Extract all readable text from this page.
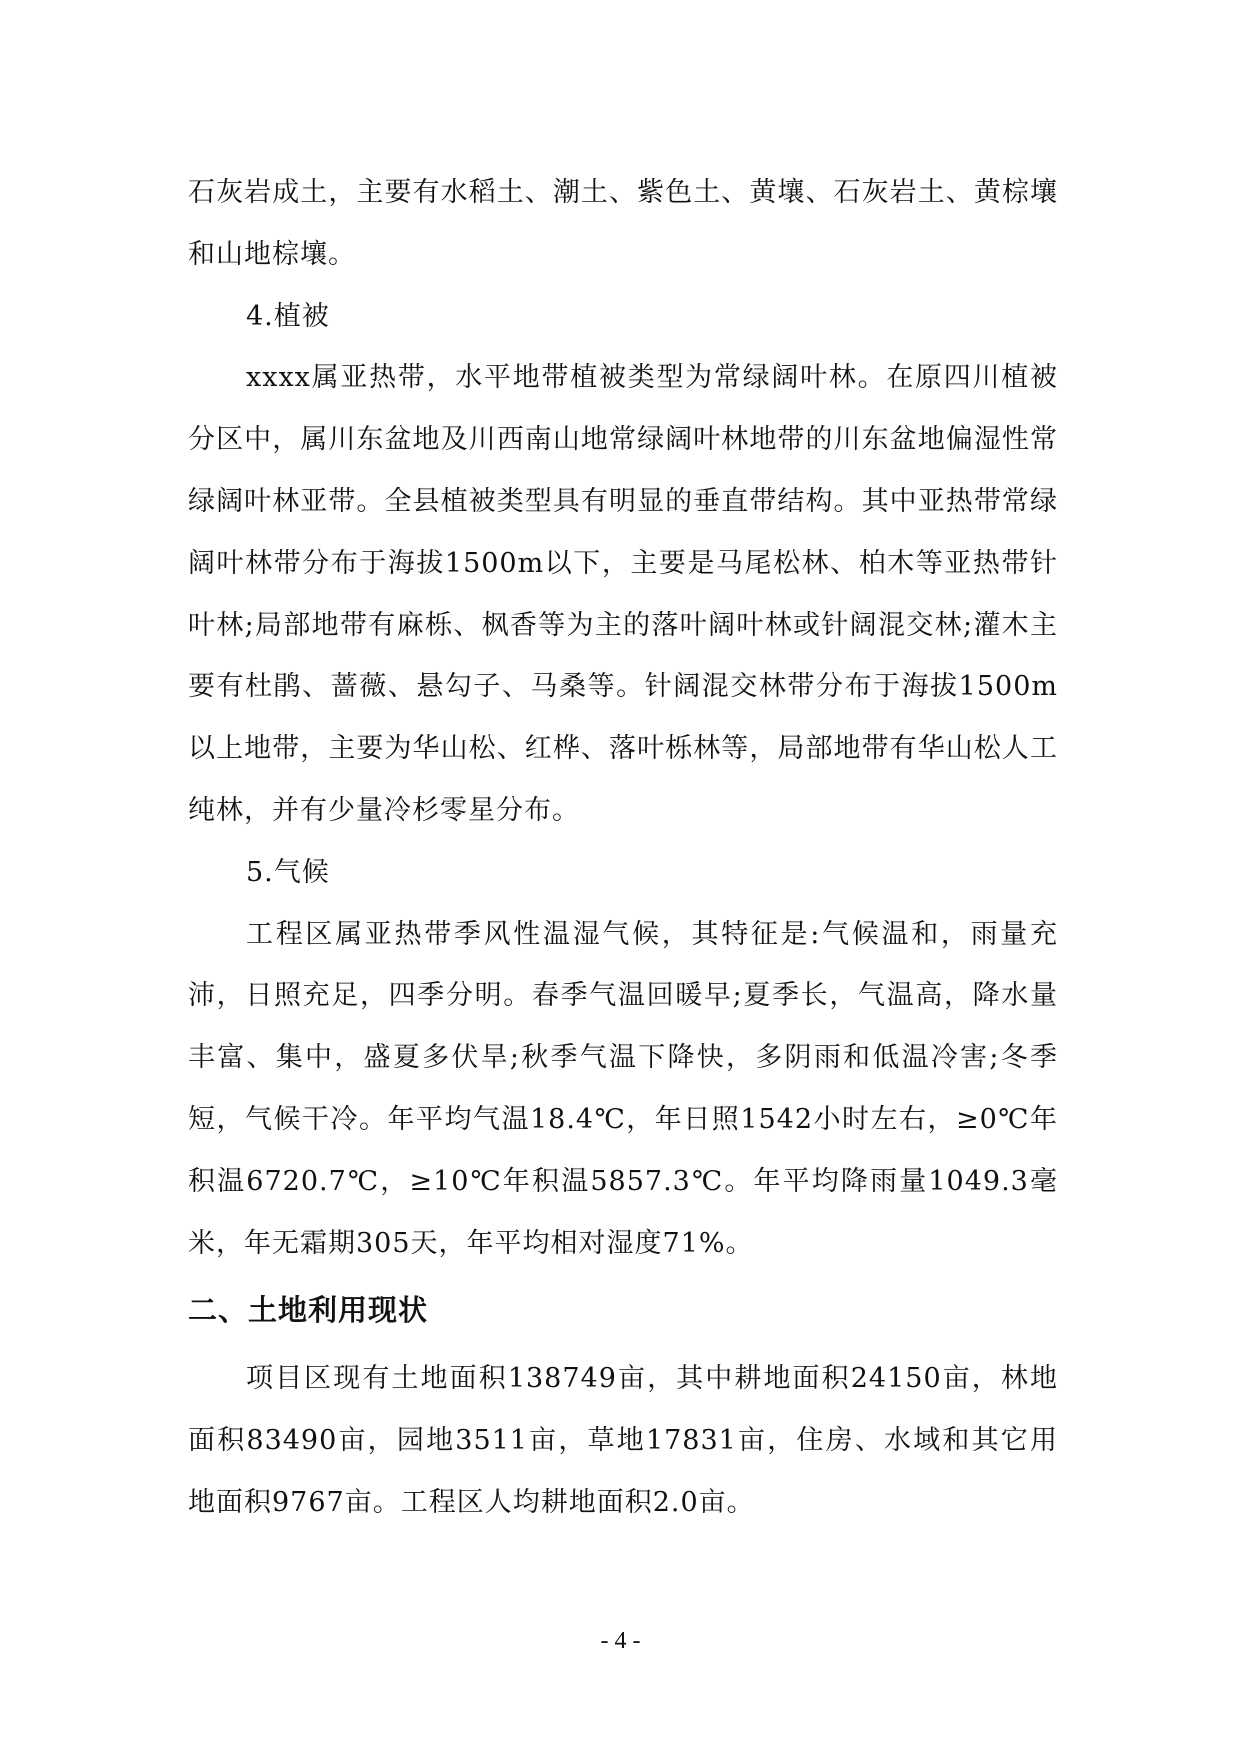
石灰岩成土，主要有水稻土、潮土、紫色土、黄壤、石灰岩土、黄棕壤和山地棕壤。

4.植被

xxxx属亚热带，水平地带植被类型为常绿阔叶林。在原四川植被分区中，属川东盆地及川西南山地常绿阔叶林地带的川东盆地偏湿性常绿阔叶林亚带。全县植被类型具有明显的垂直带结构。其中亚热带常绿阔叶林带分布于海拔1500m以下，主要是马尾松林、柏木等亚热带针叶林;局部地带有麻栎、枫香等为主的落叶阔叶林或针阔混交林;灌木主要有杜鹃、蔷薇、悬勾子、马桑等。针阔混交林带分布于海拔1500m以上地带，主要为华山松、红桦、落叶栎林等，局部地带有华山松人工纯林，并有少量冷杉零星分布。

5.气候

工程区属亚热带季风性温湿气候，其特征是:气候温和，雨量充沛，日照充足，四季分明。春季气温回暖早;夏季长，气温高，降水量丰富、集中，盛夏多伏旱;秋季气温下降快，多阴雨和低温冷害;冬季短，气候干冷。年平均气温18.4℃，年日照1542小时左右，≥0℃年积温6720.7℃，≥10℃年积温5857.3℃。年平均降雨量1049.3毫米，年无霜期305天，年平均相对湿度71%。

二、土地利用现状

项目区现有土地面积138749亩，其中耕地面积24150亩，林地面积83490亩，园地3511亩，草地17831亩，住房、水域和其它用地面积9767亩。工程区人均耕地面积2.0亩。

- 4 -
